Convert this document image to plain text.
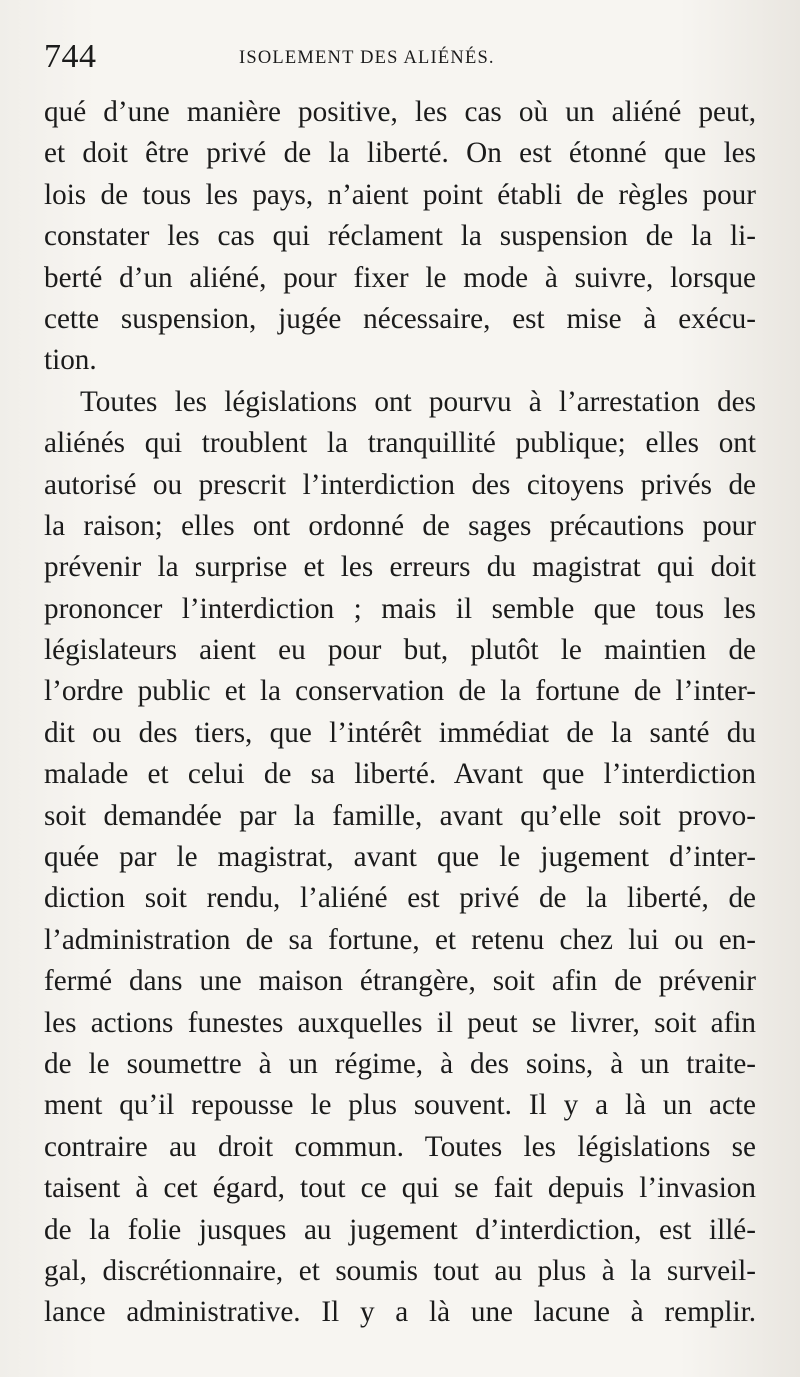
744	ISOLEMENT DES ALIÉNÉS.
qué d’une manière positive, les cas où un aliéné peut,
et doit être privé de la liberté. On est étonné que les
lois de tous les pays, n’aient point établi de règles pour
constater les cas qui réclament la suspension de la li-
berté d’un aliéné, pour fixer le mode à suivre, lorsque
cette suspension, jugée nécessaire, est mise à exécu-
tion.
Toutes les législations ont pourvu à l’arrestation des
aliénés qui troublent la tranquillité publique; elles ont
autorisé ou prescrit l’interdiction des citoyens privés de
la raison; elles ont ordonné de sages précautions pour
prévenir la surprise et les erreurs du magistrat qui doit
prononcer l’interdiction ; mais il semble que tous les
législateurs aient eu pour but, plutôt le maintien de
l’ordre public et la conservation de la fortune de l’inter-
dit ou des tiers, que l’intérêt immédiat de la santé du
malade et celui de sa liberté. Avant que l’interdiction
soit demandée par la famille, avant qu’elle soit provo-
quée par le magistrat, avant que le jugement d’inter-
diction soit rendu, l’aliéné est privé de la liberté, de
l’administration de sa fortune, et retenu chez lui ou en-
fermé dans une maison étrangère, soit afin de prévenir
les actions funestes auxquelles il peut se livrer, soit afin
de le soumettre à un régime, à des soins, à un traite-
ment qu’il repousse le plus souvent. Il y a là un acte
contraire au droit commun. Toutes les législations se
taisent à cet égard, tout ce qui se fait depuis l’invasion
de la folie jusques au jugement d’interdiction, est illé-
gal, discrétionnaire, et soumis tout au plus à la surveil-
lance administrative. Il y a là une lacune à remplir.
